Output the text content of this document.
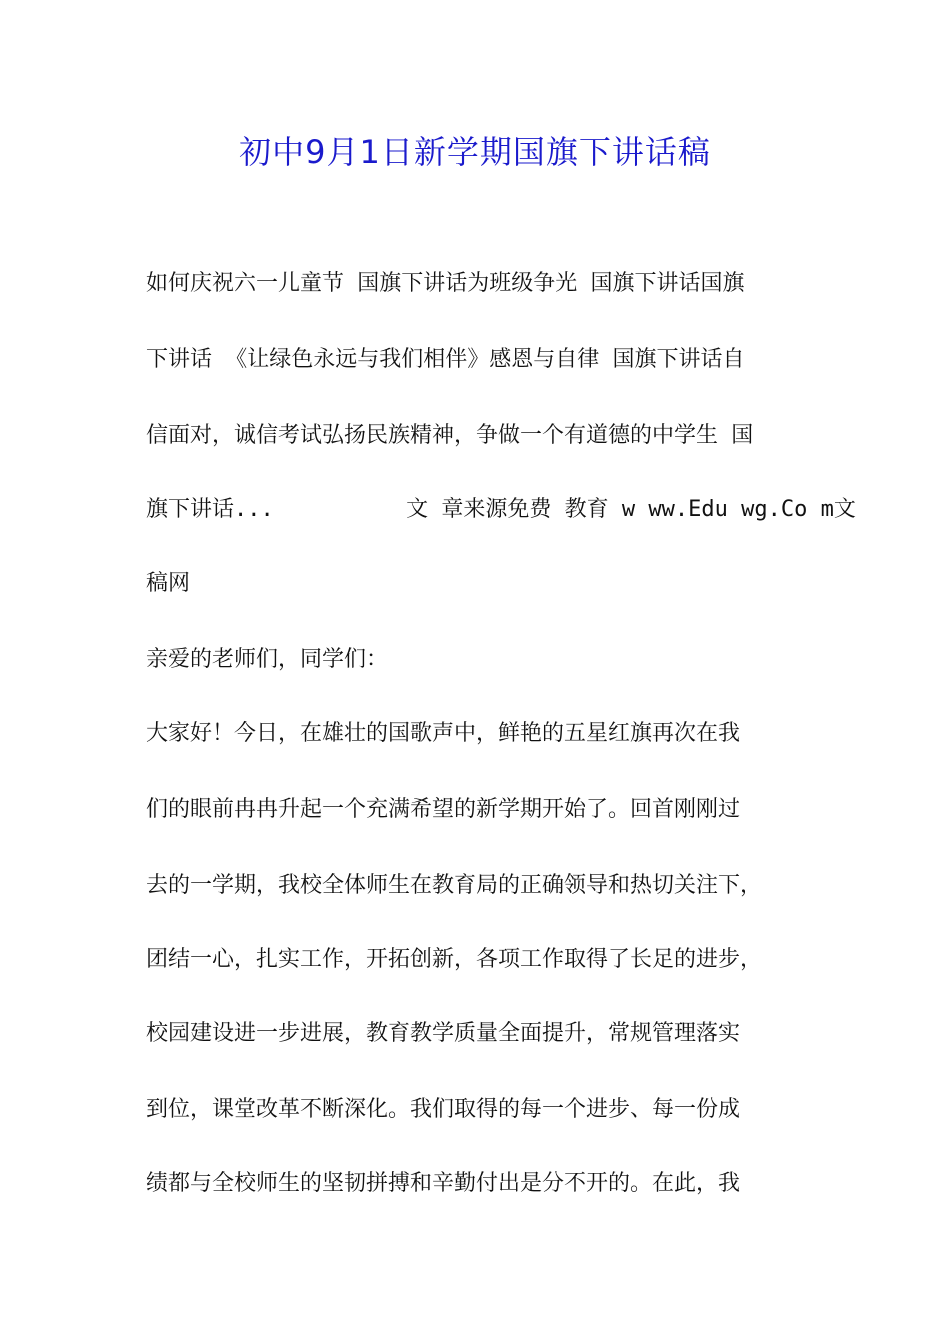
初中9月1日新学期国旗下讲话稿
如何庆祝六一儿童节 国旗下讲话为班级争光 国旗下讲话国旗
下讲话 《让绿色永远与我们相伴》感恩与自律 国旗下讲话自
信面对，诚信考试弘扬民族精神，争做一个有道德的中学生 国
旗下讲话...          文 章来源免费 教育 w ww.Edu wg.Co m文
稿网
亲爱的老师们，同学们：
大家好！今日，在雄壮的国歌声中，鲜艳的五星红旗再次在我
们的眼前冉冉升起一个充满希望的新学期开始了。回首刚刚过
去的一学期，我校全体师生在教育局的正确领导和热切关注下，
团结一心，扎实工作，开拓创新，各项工作取得了长足的进步，
校园建设进一步进展，教育教学质量全面提升，常规管理落实
到位，课堂改革不断深化。我们取得的每一个进步、每一份成
绩都与全校师生的坚韧拼搏和辛勤付出是分不开的。在此，我
